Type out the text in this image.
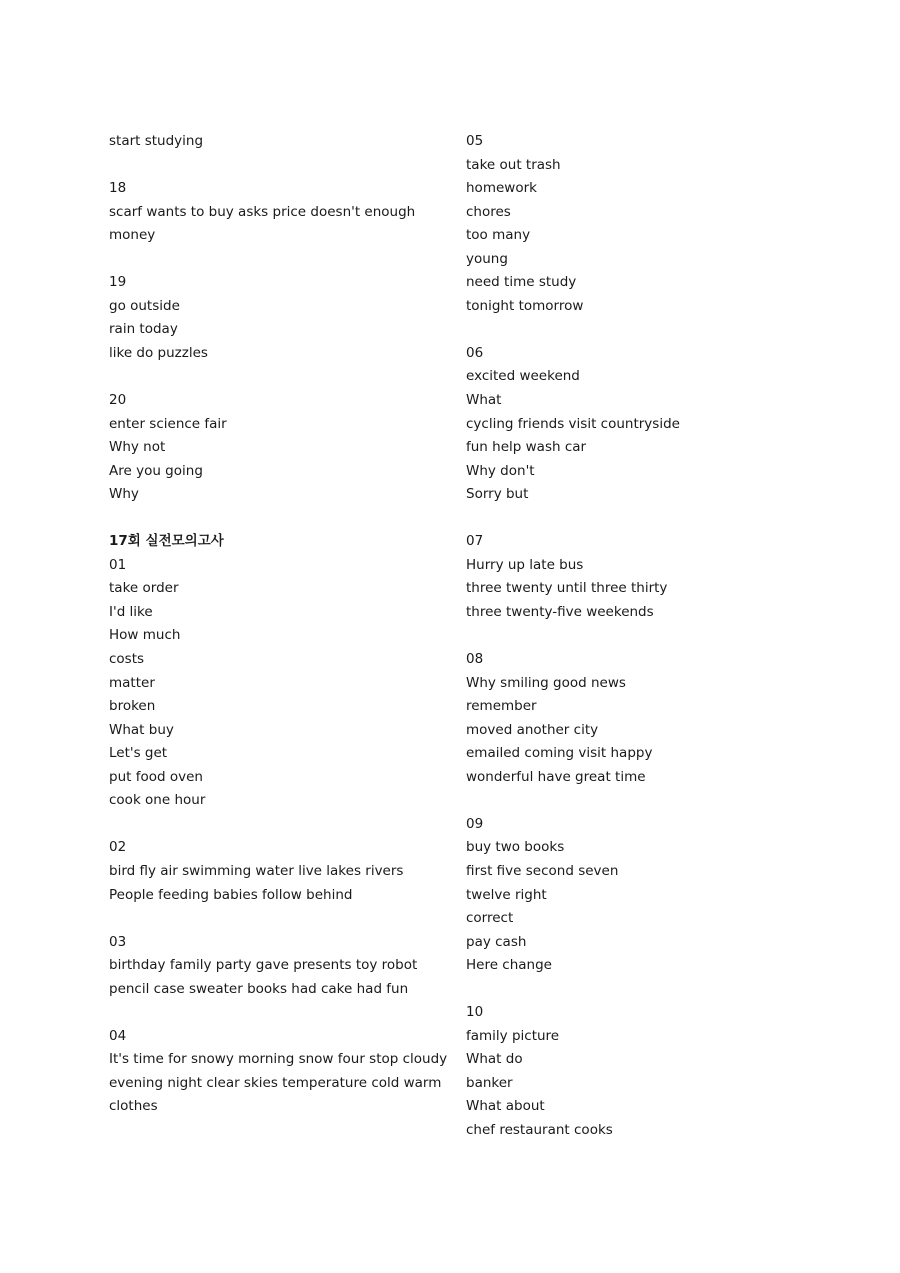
start studying
18
scarf wants to buy asks price doesn't enough money
19
go outside
rain today
like do puzzles
20
enter science fair
Why not
Are you going
Why
17회 실전모의고사
01
take order
I'd like
How much
costs
matter
broken
What buy
Let's get
put food oven
cook one hour
02
bird fly air swimming water live lakes rivers People feeding babies follow behind
03
birthday family party gave presents toy robot pencil case sweater books had cake had fun
04
It's time for snowy morning snow four stop cloudy evening night clear skies temperature cold warm clothes
05
take out trash
homework
chores
too many
young
need time study
tonight tomorrow
06
excited weekend
What
cycling friends visit countryside
fun help wash car
Why don't
Sorry but
07
Hurry up late bus
three twenty until three thirty
three twenty-five weekends
08
Why smiling good news
remember
moved another city
emailed coming visit happy
wonderful have great time
09
buy two books
first five second seven
twelve right
correct
pay cash
Here change
10
family picture
What do
banker
What about
chef restaurant cooks
